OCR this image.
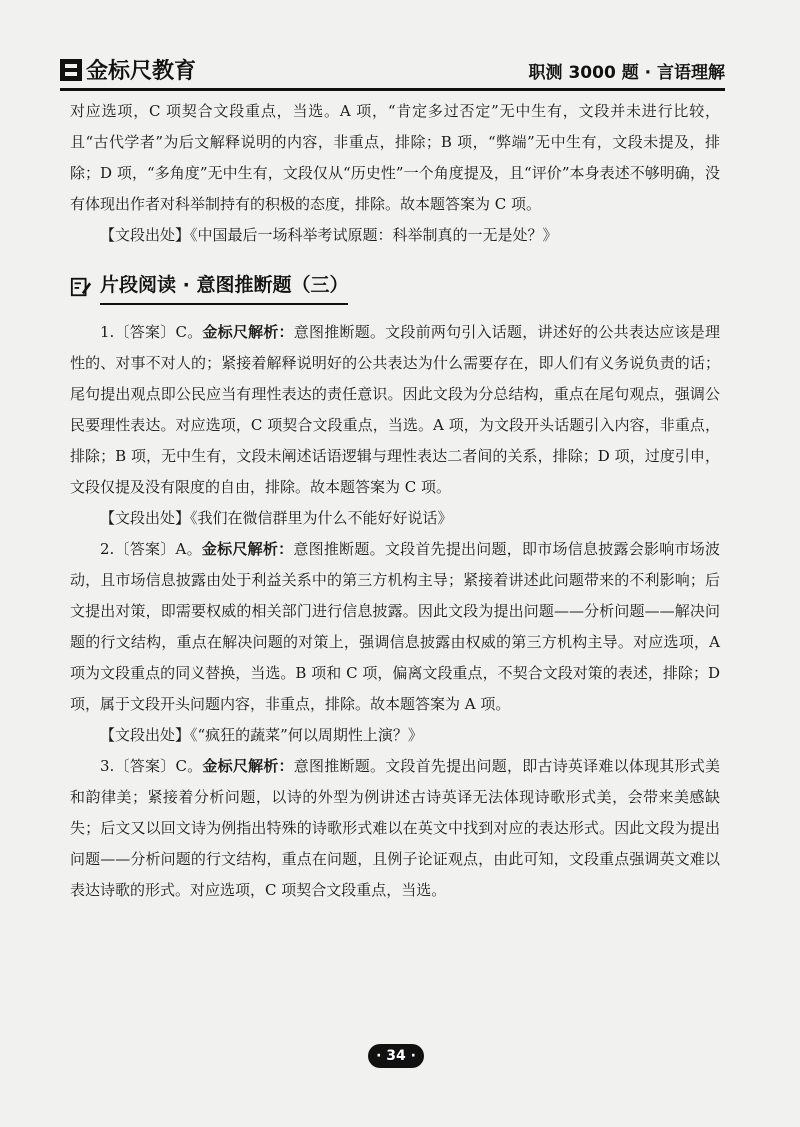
金标尺教育	职测 3000 题 · 言语理解

对应选项，C 项契合文段重点，当选。A 项，“肯定多过否定”无中生有，文段并未进行比较，且“古代学者”为后文解释说明的内容，非重点，排除；B 项，“弊端”无中生有，文段未提及，排除；D 项，“多角度”无中生有，文段仅从“历史性”一个角度提及，且“评价”本身表述不够明确，没有体现出作者对科举制持有的积极的态度，排除。故本题答案为 C 项。

【文段出处】《中国最后一场科举考试原题：科举制真的一无是处？》

片段阅读 · 意图推断题（三）

1.〔答案〕C。金标尺解析：意图推断题。文段前两句引入话题，讲述好的公共表达应该是理性的、对事不对人的；紧接着解释说明好的公共表达为什么需要存在，即人们有义务说负责的话；尾句提出观点即公民应当有理性表达的责任意识。因此文段为分总结构，重点在尾句观点，强调公民要理性表达。对应选项，C 项契合文段重点，当选。A 项，为文段开头话题引入内容，非重点，排除；B 项，无中生有，文段未阐述话语逻辑与理性表达二者间的关系，排除；D 项，过度引申，文段仅提及没有限度的自由，排除。故本题答案为 C 项。

【文段出处】《我们在微信群里为什么不能好好说话》

2.〔答案〕A。金标尺解析：意图推断题。文段首先提出问题，即市场信息披露会影响市场波动，且市场信息披露由处于利益关系中的第三方机构主导；紧接着讲述此问题带来的不利影响；后文提出对策，即需要权威的相关部门进行信息披露。因此文段为提出问题——分析问题——解决问题的行文结构，重点在解决问题的对策上，强调信息披露由权威的第三方机构主导。对应选项，A 项为文段重点的同义替换，当选。B 项和 C 项，偏离文段重点，不契合文段对策的表述，排除；D 项，属于文段开头问题内容，非重点，排除。故本题答案为 A 项。

【文段出处】《“疯狂的蔬菜”何以周期性上演？》

3.〔答案〕C。金标尺解析：意图推断题。文段首先提出问题，即古诗英译难以体现其形式美和韵律美；紧接着分析问题，以诗的外型为例讲述古诗英译无法体现诗歌形式美，会带来美感缺失；后文又以回文诗为例指出特殊的诗歌形式难以在英文中找到对应的表达形式。因此文段为提出问题——分析问题的行文结构，重点在问题，且例子论证观点，由此可知，文段重点强调英文难以表达诗歌的形式。对应选项，C 项契合文段重点，当选。

· 34 ·
